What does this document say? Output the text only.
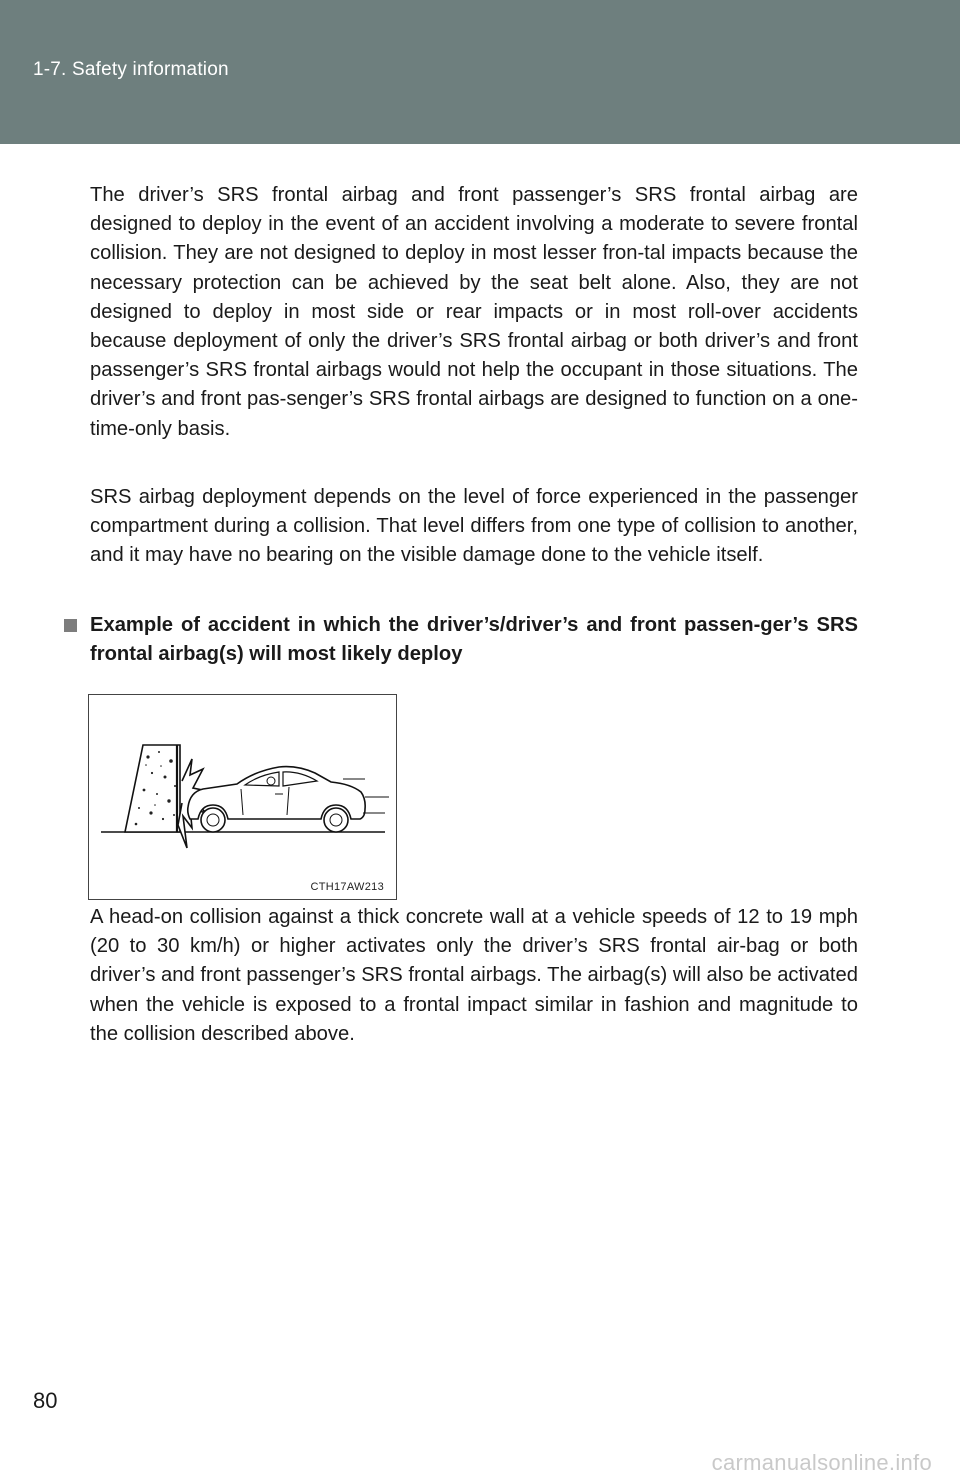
1-7. Safety information

The driver’s SRS frontal airbag and front passenger’s SRS frontal airbag are designed to deploy in the event of an accident involving a moderate to severe frontal collision. They are not designed to deploy in most lesser fron-tal impacts because the necessary protection can be achieved by the seat belt alone. Also, they are not designed to deploy in most side or rear impacts or in most roll-over accidents because deployment of only the driver’s SRS frontal airbag or both driver’s and front passenger’s SRS frontal airbags would not help the occupant in those situations. The driver’s and front pas-senger’s SRS frontal airbags are designed to function on a one-time-only basis.

SRS airbag deployment depends on the level of force experienced in the passenger compartment during a collision. That level differs from one type of collision to another, and it may have no bearing on the visible damage done to the vehicle itself.

Example of accident in which the driver’s/driver’s and front passen-ger’s SRS frontal airbag(s) will most likely deploy
CTH17AW213

A head-on collision against a thick concrete wall at a vehicle speeds of 12 to 19 mph (20 to 30 km/h) or higher activates only the driver’s SRS frontal air-bag or both driver’s and front passenger’s SRS frontal airbags. The airbag(s) will also be activated when the vehicle is exposed to a frontal impact similar in fashion and magnitude to the collision described above.

80
carmanualsonline.info
